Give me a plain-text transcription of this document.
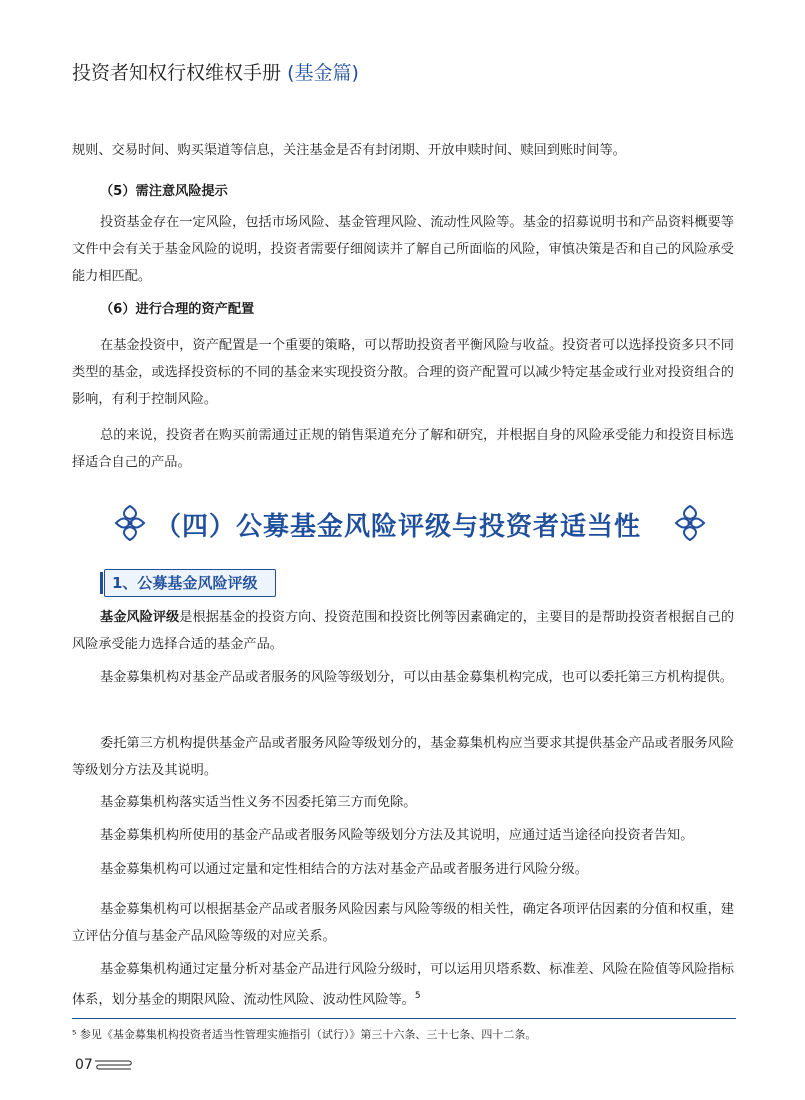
投资者知权行权维权手册 (基金篇)
规则、交易时间、购买渠道等信息，关注基金是否有封闭期、开放申赎时间、赎回到账时间等。
（5）需注意风险提示
投资基金存在一定风险，包括市场风险、基金管理风险、流动性风险等。基金的招募说明书和产品资料概要等文件中会有关于基金风险的说明，投资者需要仔细阅读并了解自己所面临的风险，审慎决策是否和自己的风险承受能力相匹配。
（6）进行合理的资产配置
在基金投资中，资产配置是一个重要的策略，可以帮助投资者平衡风险与收益。投资者可以选择投资多只不同类型的基金，或选择投资标的不同的基金来实现投资分散。合理的资产配置可以减少特定基金或行业对投资组合的影响，有利于控制风险。
总的来说，投资者在购买前需通过正规的销售渠道充分了解和研究，并根据自身的风险承受能力和投资目标选择适合自己的产品。
（四）公募基金风险评级与投资者适当性
1、公募基金风险评级
基金风险评级是根据基金的投资方向、投资范围和投资比例等因素确定的，主要目的是帮助投资者根据自己的风险承受能力选择合适的基金产品。
基金募集机构对基金产品或者服务的风险等级划分，可以由基金募集机构完成，也可以委托第三方机构提供。
委托第三方机构提供基金产品或者服务风险等级划分的，基金募集机构应当要求其提供基金产品或者服务风险等级划分方法及其说明。
基金募集机构落实适当性义务不因委托第三方而免除。
基金募集机构所使用的基金产品或者服务风险等级划分方法及其说明，应通过适当途径向投资者告知。
基金募集机构可以通过定量和定性相结合的方法对基金产品或者服务进行风险分级。
基金募集机构可以根据基金产品或者服务风险因素与风险等级的相关性，确定各项评估因素的分值和权重，建立评估分值与基金产品风险等级的对应关系。
基金募集机构通过定量分析对基金产品进行风险分级时，可以运用贝塔系数、标准差、风险在险值等风险指标体系，划分基金的期限风险、流动性风险、波动性风险等。$^5$
⁵ 参见《基金募集机构投资者适当性管理实施指引（试行）》第三十六条、三十七条、四十二条。
07
